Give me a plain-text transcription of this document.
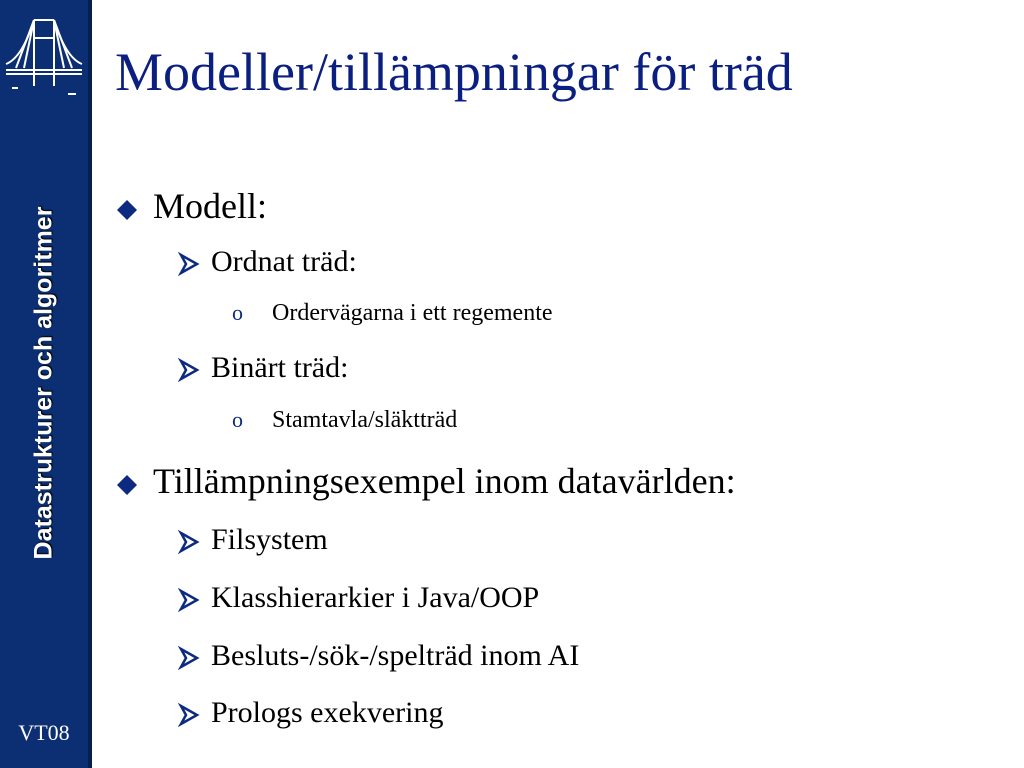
Datastrukturer och algoritmer
VT08
Modeller/tillämpningar för träd
Modell:
Ordnat träd:
o Ordervägarna i ett regemente
Binärt träd:
o Stamtavla/släktträd
Tillämpningsexempel inom datavärlden:
Filsystem
Klasshierarkier i Java/OOP
Besluts-/sök-/spelträd inom AI
Prologs exekvering
